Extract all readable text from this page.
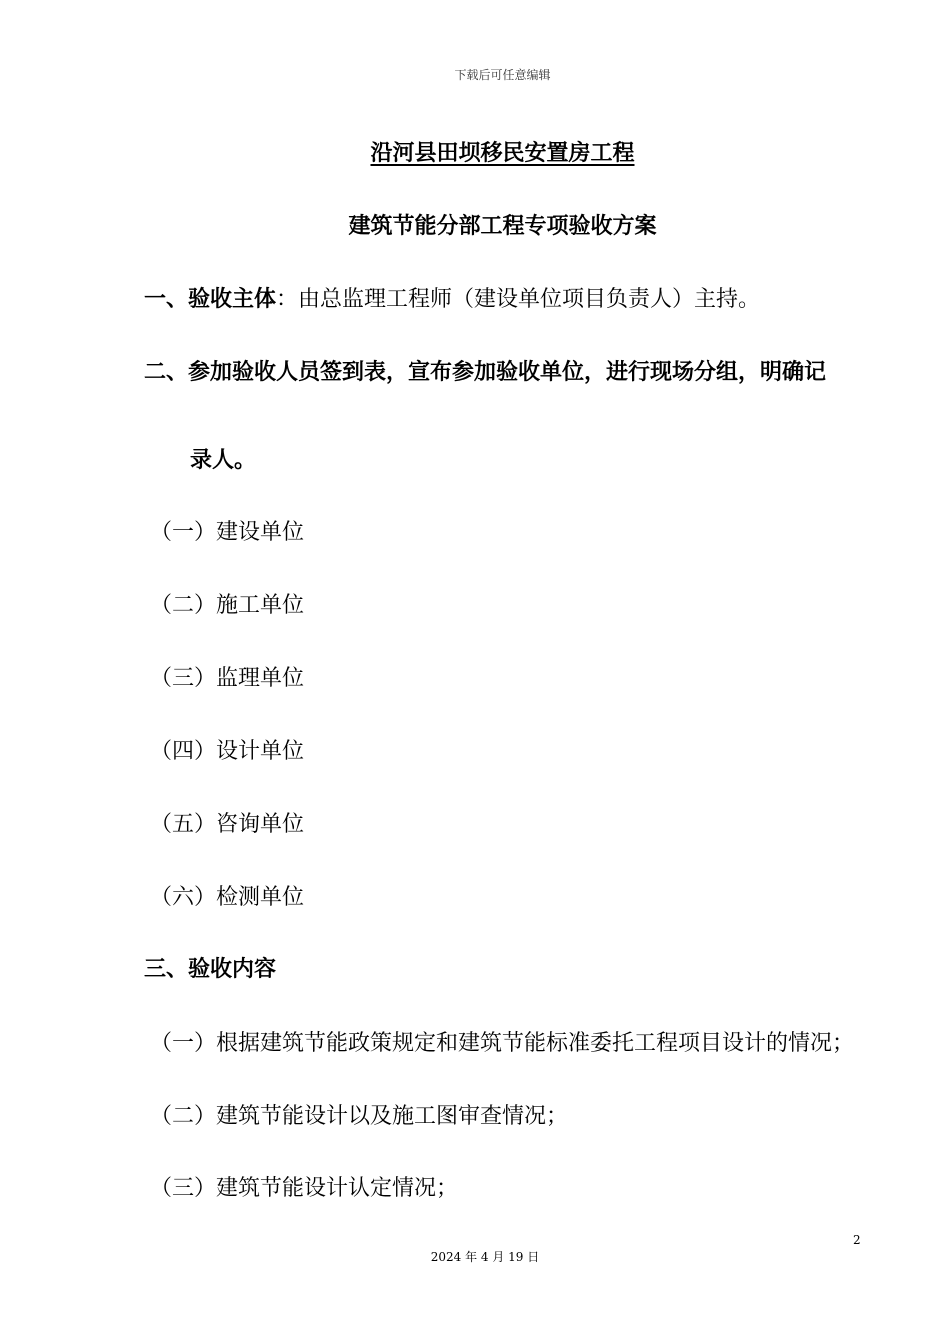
下载后可任意编辑
沿河县田坝移民安置房工程
建筑节能分部工程专项验收方案
一、验收主体：由总监理工程师（建设单位项目负责人）主持。
二、参加验收人员签到表，宣布参加验收单位，进行现场分组，明确记
录人。
（一）建设单位
（二）施工单位
（三）监理单位
（四）设计单位
（五）咨询单位
（六）检测单位
三、验收内容
（一）根据建筑节能政策规定和建筑节能标准委托工程项目设计的情况；
（二）建筑节能设计以及施工图审查情况；
（三）建筑节能设计认定情况；
2
2024 年 4 月 19 日
